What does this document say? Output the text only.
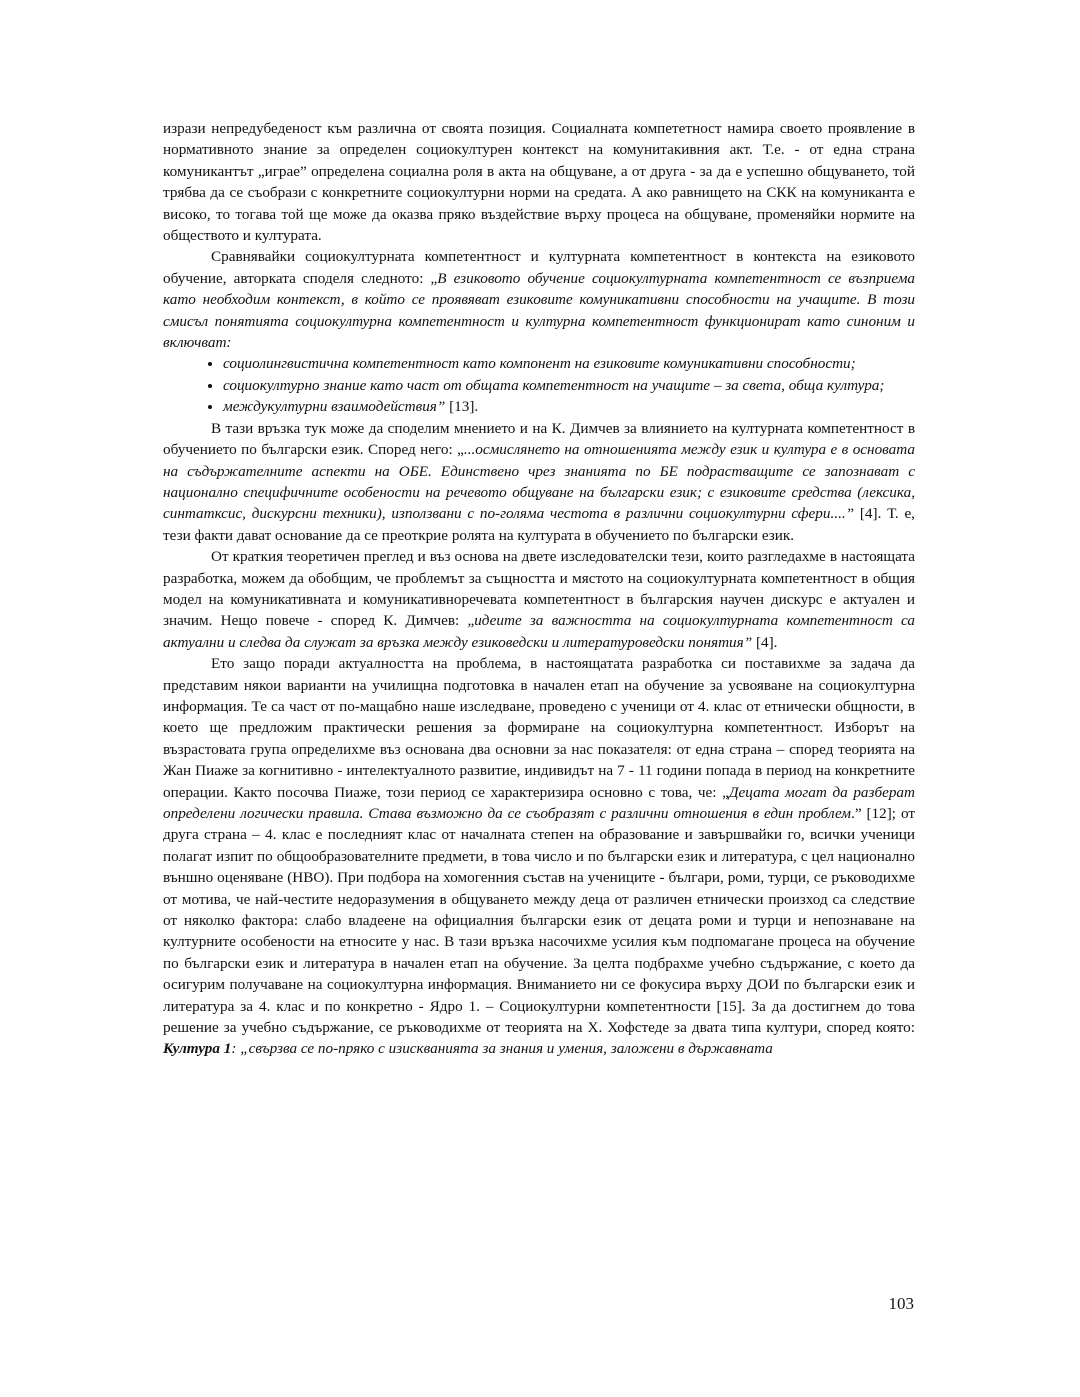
изрази непредубеденост към различна от своята позиция. Социалната компететност намира своето проявление в нормативното знание за определен социокултурен контекст на комунитакивния акт. Т.е. - от една страна комуникантът „играе” определена социална роля в акта на общуване, а от друга - за да е успешно общуването, той трябва да се съобрази с конкретните социокултурни норми на средата. А ако равнището на СКК на комуниканта е високо, то тогава той ще може да оказва пряко въздействие върху процеса на общуване, променяйки нормите на обществото и културата.

Сравнявайки социокултурната компетентност и културната компетентност в контекста на езиковото обучение, авторката споделя следното: „В езиковото обучение социокултурната компетентност се възприема като необходим контекст, в който се проявяват езиковите комуникативни способности на учащите. В този смисъл понятията социокултурна компетентност и културна компетентност функционират като синоним и включват:

• социолингвистична компетентност като компонент на езиковите комуникативни способности;
• социокултурно знание като част от общата компетентност на учащите – за света, обща култура;
• междукултурни взаимодействия” [13].

В тази връзка тук може да споделим мнението и на К. Димчев за влиянието на културната компетентност в обучението по български език. Според него: „...осмислянето на отношенията между език и култура е в основата на съдържателните аспекти на ОБЕ. Единствено чрез знанията по БЕ подрастващите се запознават с национално специфичните особености на речевото общуване на български език; с езиковите средства (лексика, синтатксис, дискурсни техники), използвани с по-голяма честота в различни социокултурни сфери....” [4]. Т. е, тези факти дават основание да се преоткрие ролята на културата в обучението по български език.

От краткия теоретичен преглед и въз основа на двете изследователски тези, които разгледахме в настоящата разработка, можем да обобщим, че проблемът за същността и мястото на социокултурната компетентност в общия модел на комуникативната и комуникативноречевата компетентност в българския научен дискурс е актуален и значим. Нещо повече - според К. Димчев: „идеите за важността на социокултурната компетентност са актуални и следва да служат за връзка между езиковедски и литературоведски понятия” [4].

Ето защо поради актуалността на проблема, в настоящатата разработка си поставихме за задача да представим някои варианти на училищна подготовка в начален етап на обучение за усвояване на социокултурна информация. Те са част от по-мащабно наше изследване, проведено с ученици от 4. клас от етнически общности, в което ще предложим практически решения за формиране на социокултурна компетентност. Изборът на възрастовата група определихме въз основана два основни за нас показателя: от една страна – според теорията на Жан Пиаже за когнитивно - интелектуалното развитие, индивидът на 7 - 11 години попада в период на конкретните операции. Както посочва Пиаже, този период се характеризира основно с това, че: „Децата могат да разберат определени логически правила. Става възможно да се съобразят с различни отношения в един проблем.” [12]; от друга страна – 4. клас е последният клас от началната степен на образование и завършвайки го, всички ученици полагат изпит по общообразователните предмети, в това число и по български език и литература, с цел национално външно оценяване (НВО). При подбора на хомогенния състав на учениците - българи, роми, турци, се ръководихме от мотива, че най-честите недоразумения в общуването между деца от различен етнически произход са следствие от няколко фактора: слабо владеене на официалния български език от децата роми и турци и непознаване на културните особености на етносите у нас. В тази връзка насочихме усилия към подпомагане процеса на обучение по български език и литература в начален етап на обучение. За целта подбрахме учебно съдържание, с което да осигурим получаване на социокултурна информация. Вниманието ни се фокусира върху ДОИ по български език и литература за 4. клас и по конкретно - Ядро 1. – Социокултурни компетентности [15]. За да достигнем до това решение за учебно съдържание, се ръководихме от теорията на Х. Хофстеде за двата типа култури, според която: Култура 1: „свързва се по-пряко с изискванията за знания и умения, заложени в държавната

103
